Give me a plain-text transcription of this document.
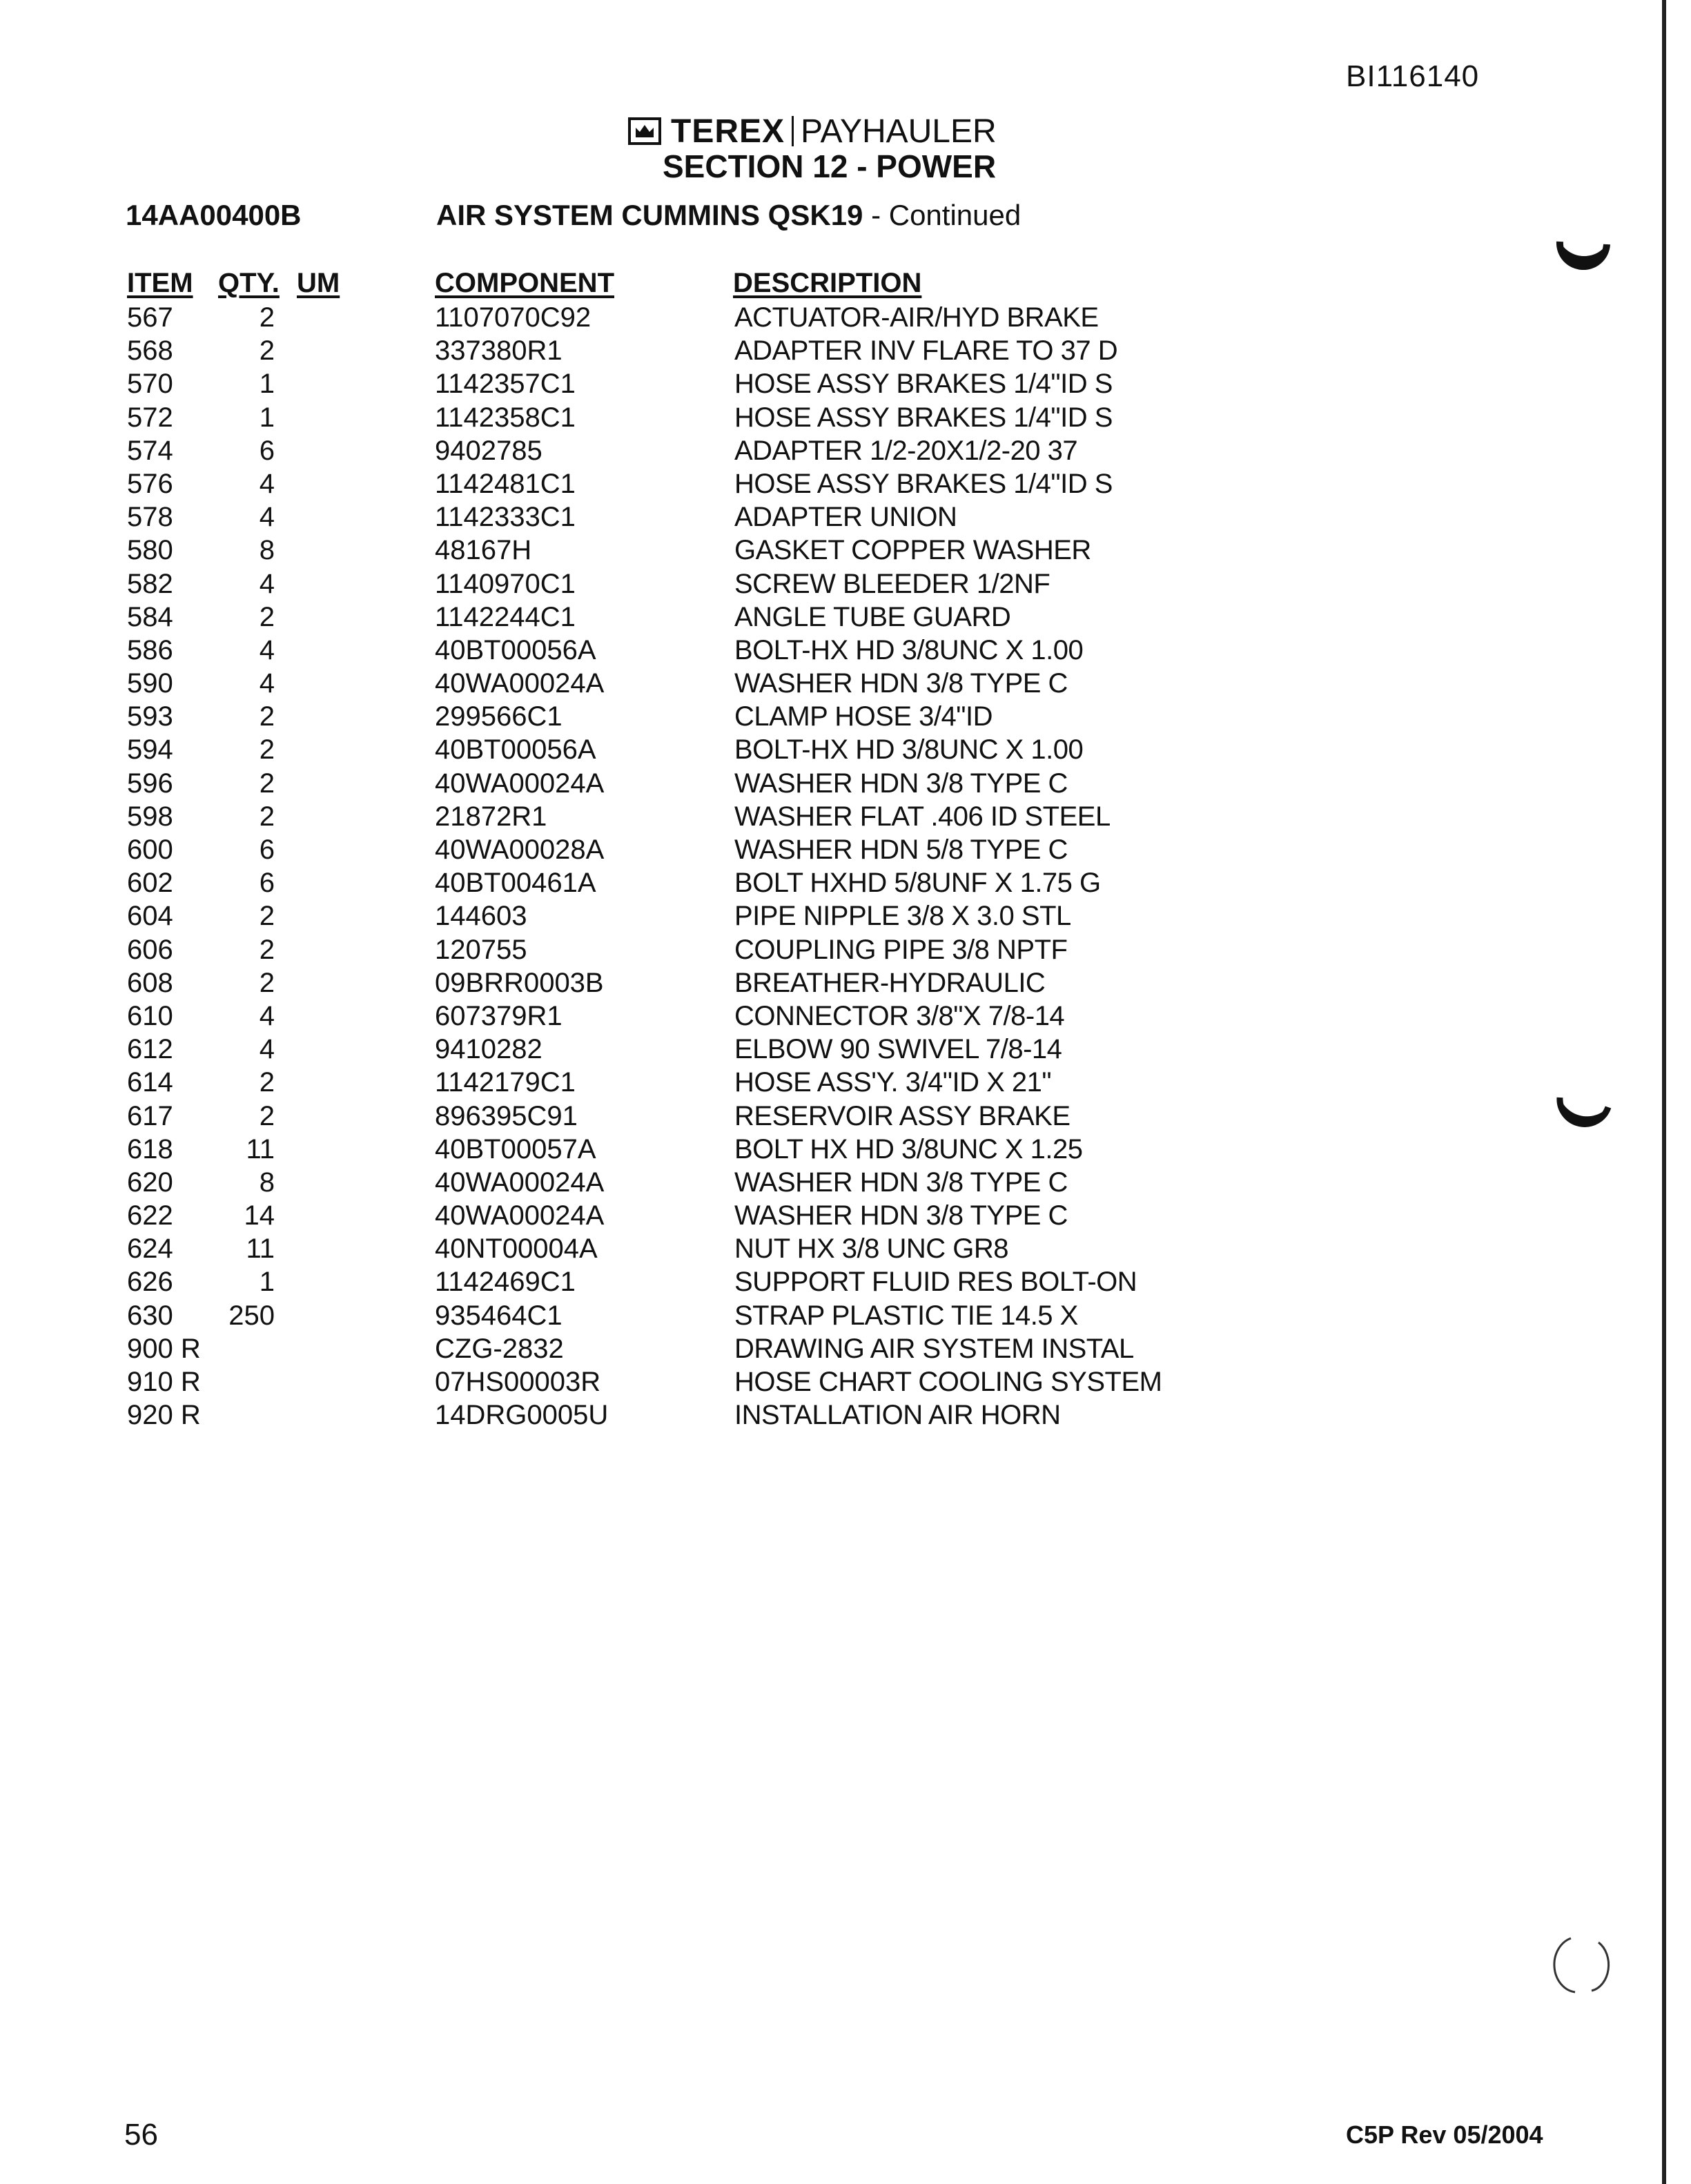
BI116140
TEREX PAYHAULER
SECTION 12 - POWER
14AA00400B	AIR SYSTEM CUMMINS QSK19 - Continued
ITEM QTY. UM	COMPONENT	DESCRIPTION
567	2	1107070C92	ACTUATOR-AIR/HYD BRAKE
568	2	337380R1	ADAPTER INV FLARE TO 37 D
570	1	1142357C1	HOSE ASSY BRAKES 1/4"ID S
572	1	1142358C1	HOSE ASSY BRAKES 1/4"ID S
574	6	9402785	ADAPTER 1/2-20X1/2-20 37
576	4	1142481C1	HOSE ASSY BRAKES 1/4"ID S
578	4	1142333C1	ADAPTER UNION
580	8	48167H	GASKET COPPER WASHER
582	4	1140970C1	SCREW BLEEDER 1/2NF
584	2	1142244C1	ANGLE TUBE GUARD
586	4	40BT00056A	BOLT-HX HD 3/8UNC X 1.00
590	4	40WA00024A	WASHER HDN 3/8 TYPE C
593	2	299566C1	CLAMP HOSE 3/4"ID
594	2	40BT00056A	BOLT-HX HD 3/8UNC X 1.00
596	2	40WA00024A	WASHER HDN 3/8 TYPE C
598	2	21872R1	WASHER FLAT .406 ID STEEL
600	6	40WA00028A	WASHER HDN 5/8 TYPE C
602	6	40BT00461A	BOLT HXHD 5/8UNF X 1.75 G
604	2	144603	PIPE NIPPLE 3/8 X 3.0 STL
606	2	120755	COUPLING PIPE 3/8 NPTF
608	2	09BRR0003B	BREATHER-HYDRAULIC
610	4	607379R1	CONNECTOR 3/8"X 7/8-14
612	4	9410282	ELBOW 90 SWIVEL 7/8-14
614	2	1142179C1	HOSE ASS'Y. 3/4"ID X 21"
617	2	896395C91	RESERVOIR ASSY BRAKE
618	11	40BT00057A	BOLT HX HD 3/8UNC X 1.25
620	8	40WA00024A	WASHER HDN 3/8 TYPE C
622	14	40WA00024A	WASHER HDN 3/8 TYPE C
624	11	40NT00004A	NUT HX 3/8 UNC GR8
626	1	1142469C1	SUPPORT FLUID RES BOLT-ON
630	250	935464C1	STRAP PLASTIC TIE 14.5 X
900 R	CZG-2832	DRAWING AIR SYSTEM INSTAL
910 R	07HS00003R	HOSE CHART COOLING SYSTEM
920 R	14DRG0005U	INSTALLATION AIR HORN
56	C5P Rev 05/2004
